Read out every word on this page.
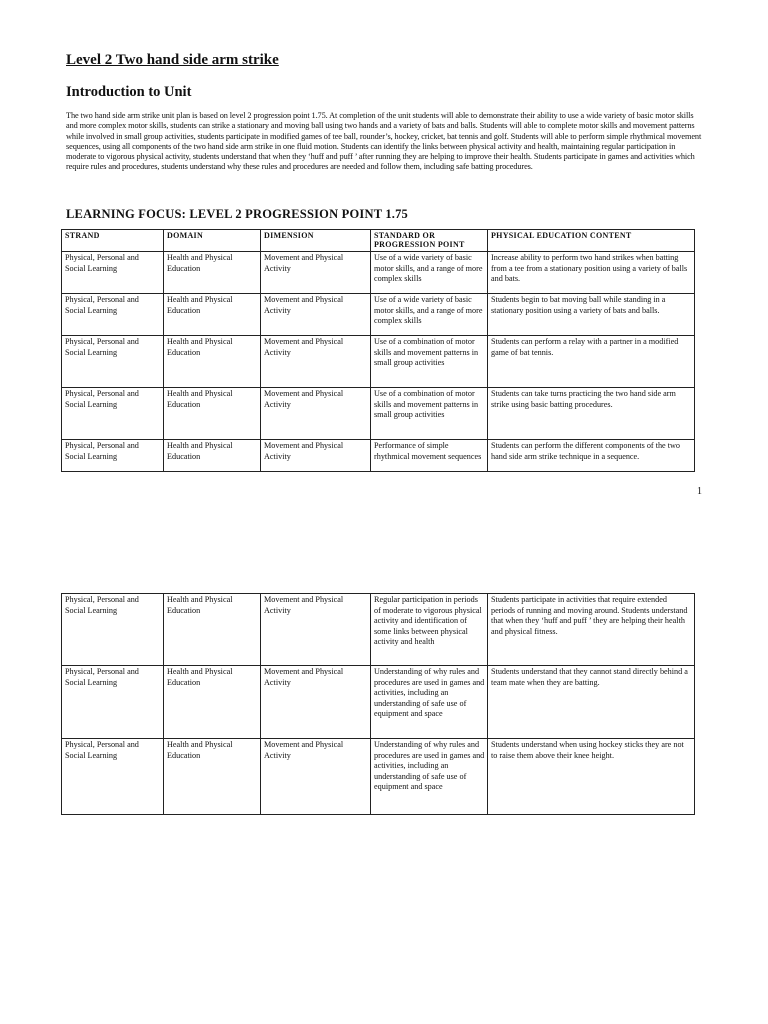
Level 2 Two hand side arm strike
Introduction to Unit

The two hand side arm strike unit plan is based on level 2 progression point 1.75. At completion of the unit students will able to demonstrate their ability to use a wide variety of basic motor skills and more complex motor skills, students can strike a stationary and moving ball using two hands and a variety of bats and balls. Students will able to complete motor skills and movement patterns while involved in small group activities, students participate in modified games of tee ball, rounder’s, hockey, cricket, bat tennis and golf. Students will able to perform simple rhythmical movement sequences, using all components of the two hand side arm strike in one fluid motion. Students can identify the links between physical activity and health, maintaining regular participation in moderate to vigorous physical activity, students understand that when they ‘huff and puff ’ after running they are helping to improve their health. Students participate in games and activities which require rules and procedures, students understand why these rules and procedures are needed and follow them, including safe batting procedures.

LEARNING FOCUS: LEVEL 2 PROGRESSION POINT 1.75
STRAND	DOMAIN	DIMENSION	STANDARD OR PROGRESSION POINT	PHYSICAL EDUCATION CONTENT
Physical, Personal and Social Learning	Health and Physical Education	Movement and Physical Activity	Use of a wide variety of basic motor skills, and a range of more complex skills	Increase ability to perform two hand strikes when batting from a tee from a stationary position using a variety of balls and bats.
Physical, Personal and Social Learning	Health and Physical Education	Movement and Physical Activity	Use of a wide variety of basic motor skills, and a range of more complex skills	Students begin to bat moving ball while standing in a stationary position using a variety of bats and balls.
Physical, Personal and Social Learning	Health and Physical Education	Movement and Physical Activity	Use of a combination of motor skills and movement patterns in small group activities	Students can perform a relay with a partner in a modified game of bat tennis.
Physical, Personal and Social Learning	Health and Physical Education	Movement and Physical Activity	Use of a combination of motor skills and movement patterns in small group activities	Students can take turns practicing the two hand side arm strike using basic batting procedures.
Physical, Personal and Social Learning	Health and Physical Education	Movement and Physical Activity	Performance of simple rhythmical movement sequences	Students can perform the different components of the two hand side arm strike technique in a sequence.
1
Physical, Personal and Social Learning	Health and Physical Education	Movement and Physical Activity	Regular participation in periods of moderate to vigorous physical activity and identification of some links between physical activity and health	Students participate in activities that require extended periods of running and moving around. Students understand that when they ‘huff and puff ’ they are helping their health and physical fitness.
Physical, Personal and Social Learning	Health and Physical Education	Movement and Physical Activity	Understanding of why rules and procedures are used in games and activities, including an understanding of safe use of equipment and space	Students understand that they cannot stand directly behind a team mate when they are batting.
Physical, Personal and Social Learning	Health and Physical Education	Movement and Physical Activity	Understanding of why rules and procedures are used in games and activities, including an understanding of safe use of equipment and space	Students understand when using hockey sticks they are not to raise them above their knee height.
